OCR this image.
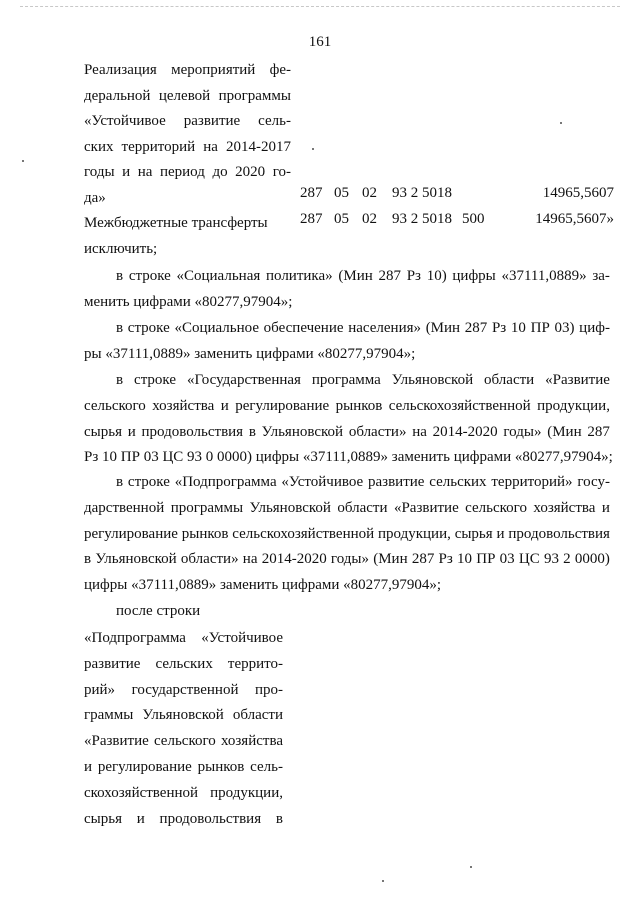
161
Реализация мероприятий фе-
деральной целевой программы
«Устойчивое развитие сель-
ских территорий на 2014-2017
годы и на период до 2020 го-
да»	287 05 02 93 2 5018	14965,5607
Межбюджетные трансферты 287 05 02 93 2 5018 500	14965,5607»
исключить;
в строке «Социальная политика» (Мин 287 Рз 10) цифры «37111,0889» за-
менить цифрами «80277,97904»;
в строке «Социальное обеспечение населения» (Мин 287 Рз 10 ПР 03) циф-
ры «37111,0889» заменить цифрами «80277,97904»;
в строке «Государственная программа Ульяновской области «Развитие
сельского хозяйства и регулирование рынков сельскохозяйственной продукции,
сырья и продовольствия в Ульяновской области» на 2014-2020 годы» (Мин 287
Рз 10 ПР 03 ЦС 93 0 0000) цифры «37111,0889» заменить цифрами «80277,97904»;
в строке «Подпрограмма «Устойчивое развитие сельских территорий» госу-
дарственной программы Ульяновской области «Развитие сельского хозяйства и
регулирование рынков сельскохозяйственной продукции, сырья и продовольствия
в Ульяновской области» на 2014-2020 годы» (Мин 287 Рз 10 ПР 03 ЦС 93 2 0000)
цифры «37111,0889» заменить цифрами «80277,97904»;
после строки
«Подпрограмма «Устойчивое
развитие сельских террито-
рий» государственной про-
граммы Ульяновской области
«Развитие сельского хозяйства
и регулирование рынков сель-
скохозяйственной продукции,
сырья и продовольствия в
